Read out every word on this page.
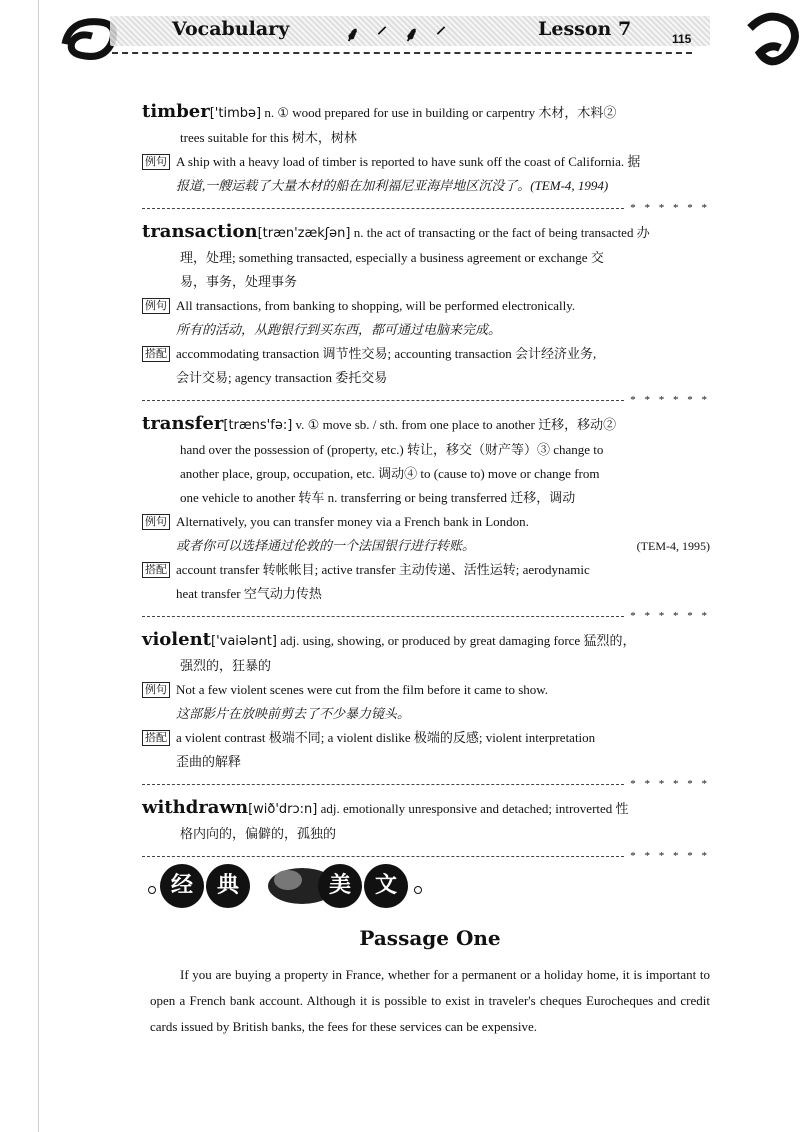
Vocabulary	⸙ ⸍ ⸙ ⸍	Lesson 7	115
timber['timbə] n. ① wood prepared for use in building or carpentry 木材，木料②
trees suitable for this 树木，树林
例句 A ship with a heavy load of timber is reported to have sunk off the coast of California. 据
报道,一艘运载了大量木材的船在加利福尼亚海岸地区沉没了。(TEM-4, 1994)
* * * * * *
transaction[træn'zækʃən] n. the act of transacting or the fact of being transacted 办
理，处理; something transacted, especially a business agreement or exchange 交
易，事务，处理事务
例句 All transactions, from banking to shopping, will be performed electronically.
所有的活动，从跑银行到买东西，都可通过电脑来完成。
搭配 accommodating transaction 调节性交易; accounting transaction 会计经济业务,
会计交易; agency transaction 委托交易
* * * * * *
transfer[træns'fə:] v. ① move sb. / sth. from one place to another 迁移，移动②
hand over the possession of (property, etc.) 转让，移交（财产等）③ change to
another place, group, occupation, etc. 调动④ to (cause to) move or change from
one vehicle to another 转车 n. transferring or being transferred 迁移，调动
例句 Alternatively, you can transfer money via a French bank in London.
或者你可以选择通过伦敦的一个法国银行进行转账。	(TEM-4, 1995)
搭配 account transfer 转帐帐目; active transfer 主动传递、活性运转; aerodynamic
heat transfer 空气动力传热
* * * * * *
violent['vaiələnt] adj. using, showing, or produced by great damaging force 猛烈的，
强烈的，狂暴的
例句 Not a few violent scenes were cut from the film before it came to show.
这部影片在放映前剪去了不少暴力镜头。
搭配 a violent contrast 极端不同; a violent dislike 极端的反感; violent interpretation
歪曲的解释
* * * * * *
withdrawn[wið'drɔ:n] adj. emotionally unresponsive and detached; introverted 性
格内向的，偏僻的，孤独的
* * * * * *
经	典	美	文
Passage One
If you are buying a property in France, whether for a permanent or a holiday home, it is important to open a French bank account. Although it is possible to exist in traveler's cheques Eurocheques and credit cards issued by British banks, the fees for these services can be expensive.
